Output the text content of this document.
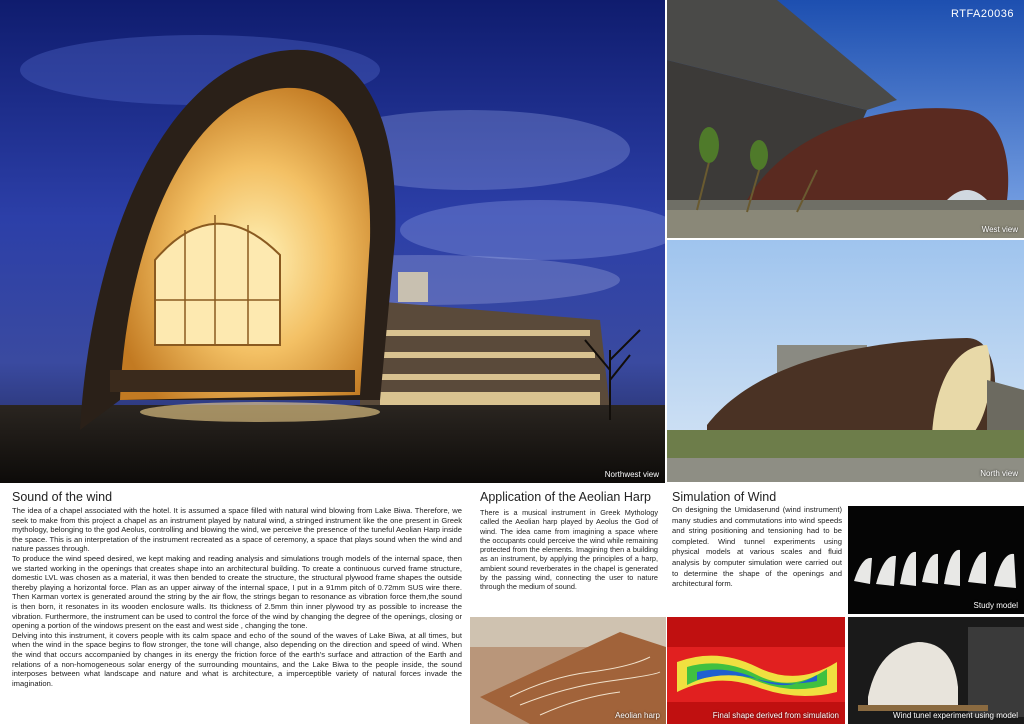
Northwest view
RTFA20036
West view
North view
Sound of the wind

The idea of a chapel associated with the hotel. It is assumed a space filled with natural wind blowing from Lake Biwa. Therefore, we seek to make from this project a chapel as an instrument played by natural wind, a stringed instrument like the one present in Greek mythology, belonging to the god Aeolus, controlling and blowing the wind, we perceive the presence of the tuneful Aeolian Harp inside the space. This is an interpretation of the instrument recreated as a space of ceremony, a space that plays sound when the wind and nature passes through.

To produce the wind speed desired, we kept making and reading analysis and simulations trough models of the internal space, then we started working in the openings that creates shape into an architectural building. To create a continuous curved frame structure, domestic LVL was chosen as a material, it was then bended to create the structure, the structural plywood frame shapes the outside thereby playing a horizontal force. Plan as an upper airway of the internal space, I put in a 91mm pitch of 0.72mm SUS wire there. Then Karman vortex is generated around the string by the air flow, the strings began to resonance as vibration force them,the sound is then born, it resonates in its wooden enclosure walls. Its thickness of 2.5mm thin inner plywood try as possible to increase the vibration. Furthermore, the instrument can be used to control the force of the wind by changing the degree of the openings, closing or opening a portion of the windows present on the east and west side , changing the tone.

Delving into this instrument, it covers people with its calm space and echo of the sound of the waves of Lake Biwa, at all times, but when the wind in the space begins to flow stronger, the tone will change, also depending on the direction and speed of wind. When the wind that occurs accompanied by changes in its energy the friction force of the earth's surface and attraction of the Earth and relations of a non-homogeneous solar energy of the surrounding mountains, and the Lake Biwa to the people inside, the sound interposes between what landscape and nature and what is architecture, a imperceptible variety of natural forces invade the imagination.

Application of the Aeolian Harp
There is a musical instrument in Greek Mythology called the Aeolian harp played by Aeolus the God of wind. The idea came from imagining a space where the occupants could perceive the wind while remaining protected from the elements. Imagining then a building as an instrument, by applying the principles of a harp, ambient sound reverberates in the chapel is generated by the passing wind, connecting the user to nature through the medium of sound.
Simulation of Wind
On designing the Umidaserund (wind instrument) many studies and commutations into wind speeds and string positioning and tensioning had to be completed. Wind tunnel experiments using physical models at various scales and fluid analysis by computer simulation were carried out to determine the shape of the openings and architectural form.
Study model
Aeolian harp	Final shape derived from simulation	Wind tunel experiment using model
